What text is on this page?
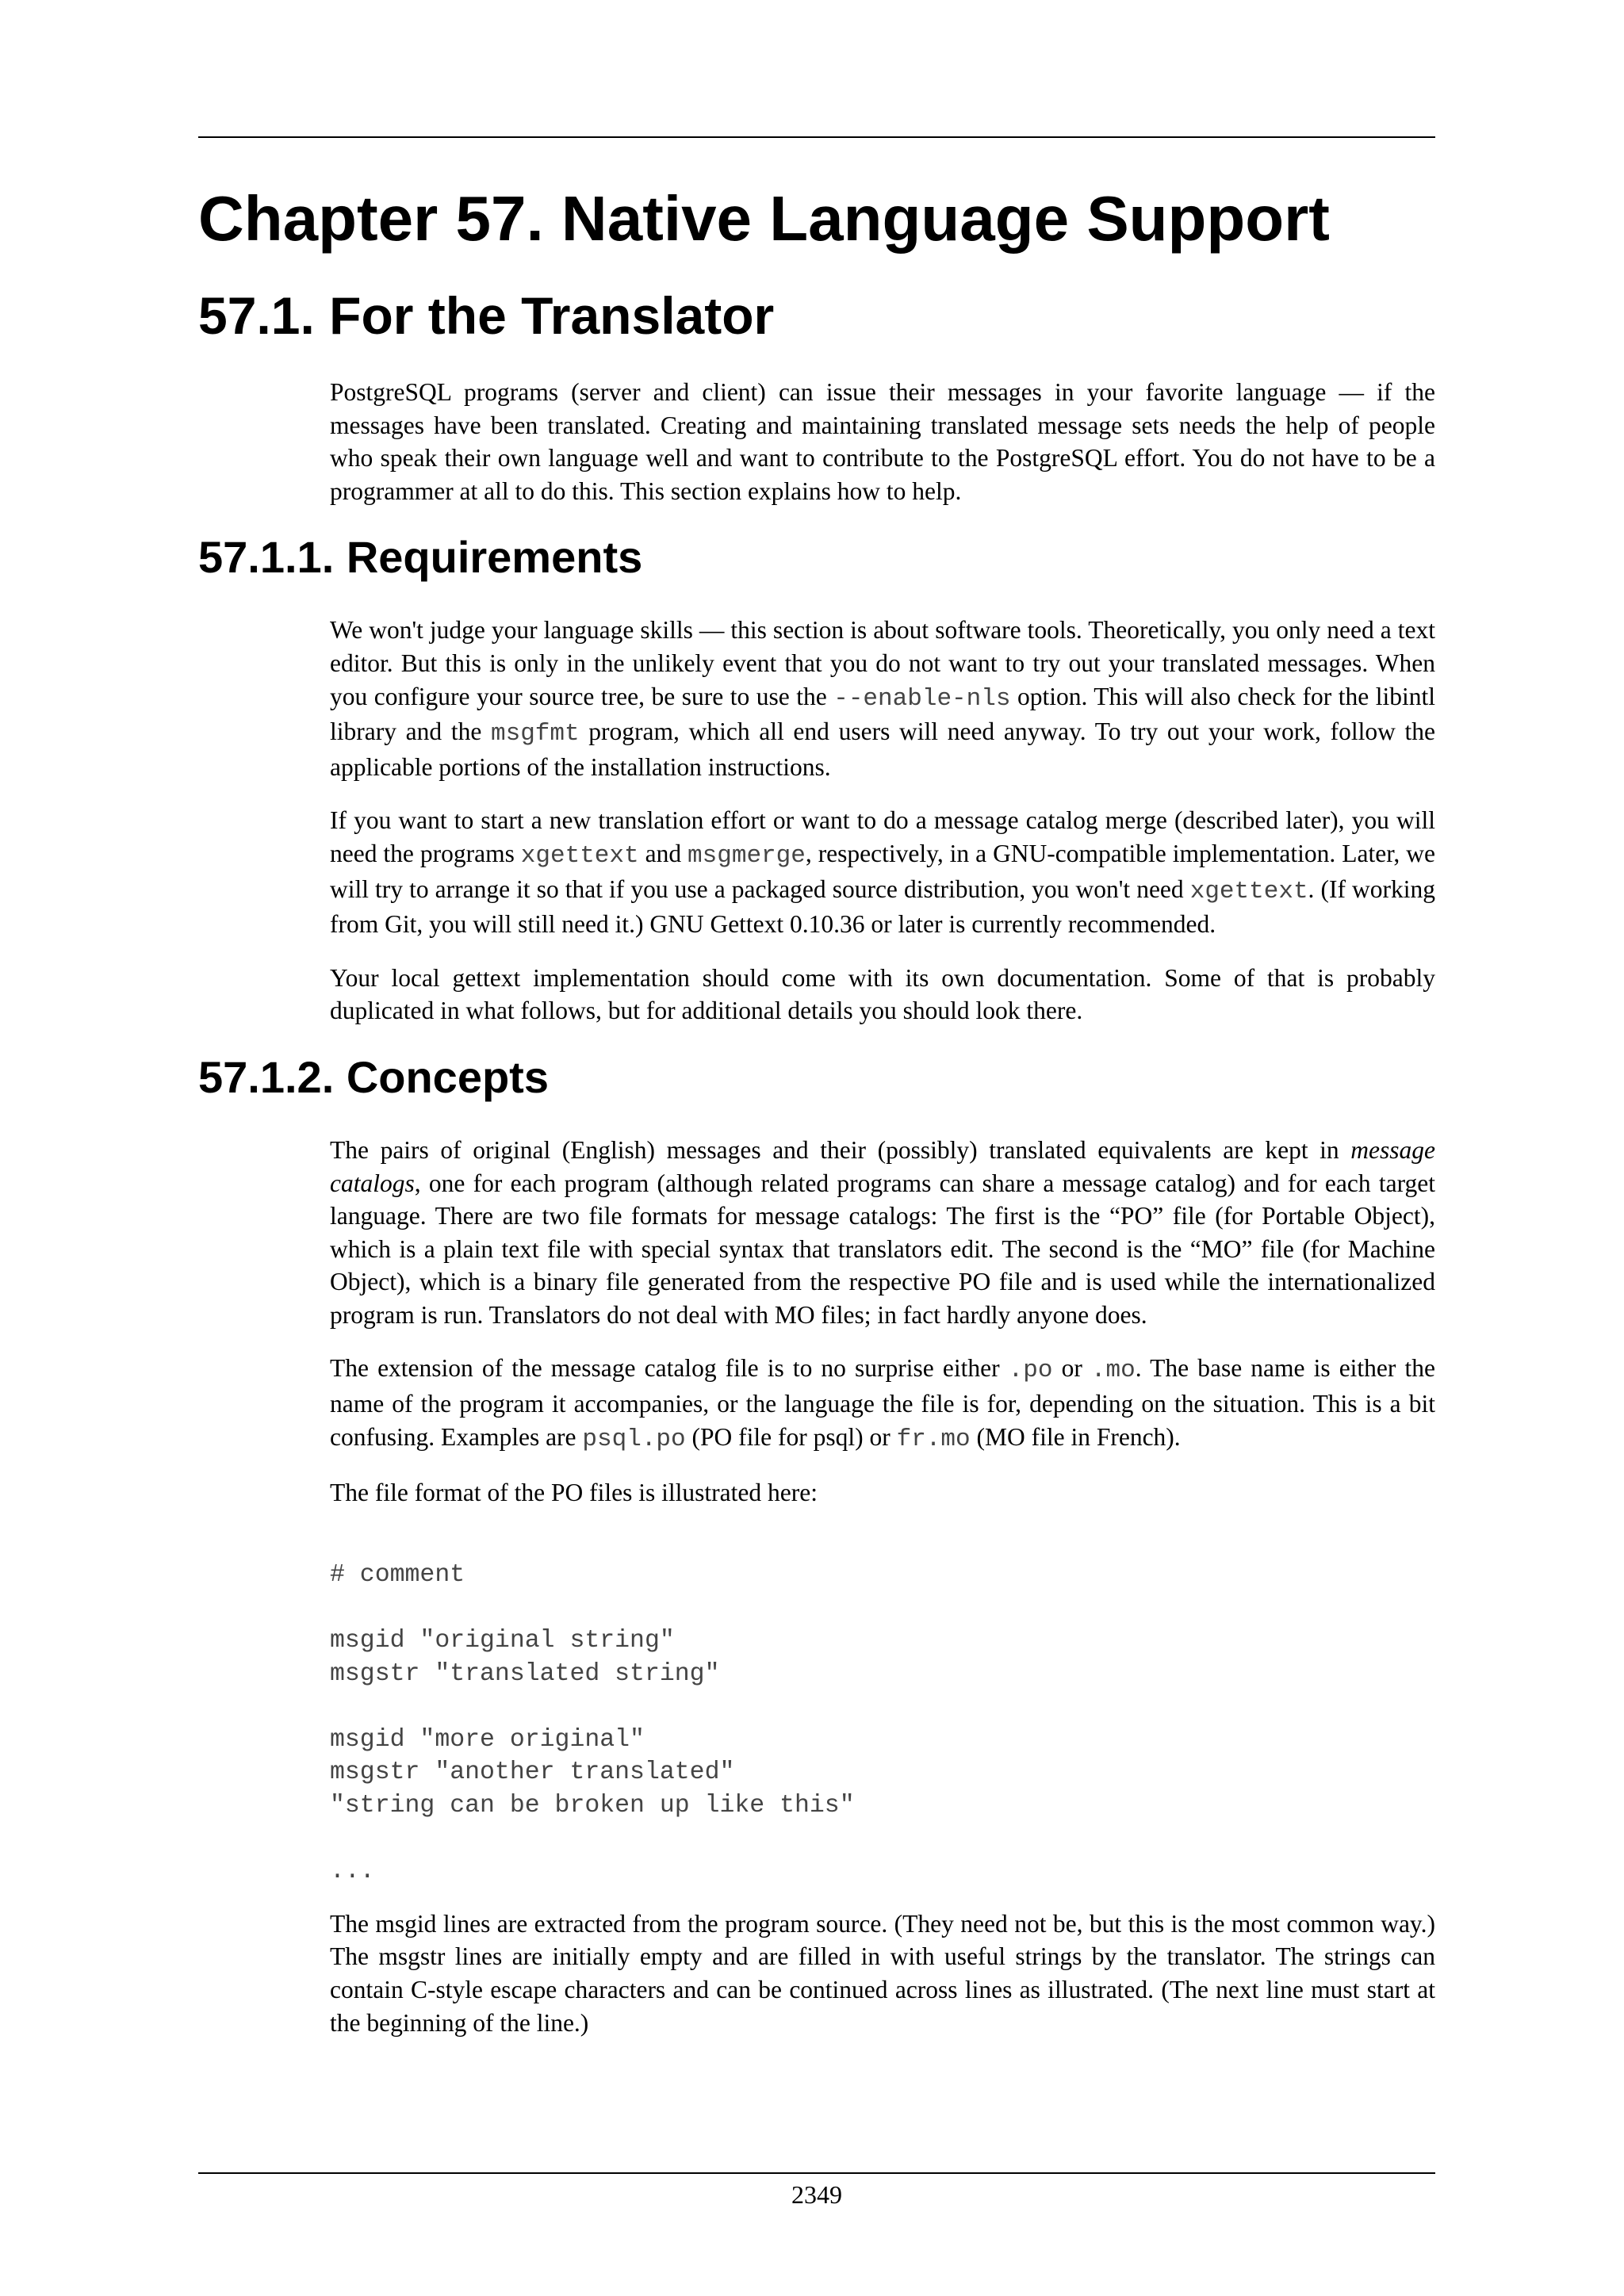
Chapter 57. Native Language Support
57.1. For the Translator

PostgreSQL programs (server and client) can issue their messages in your favorite language — if the messages have been translated. Creating and maintaining translated message sets needs the help of people who speak their own language well and want to contribute to the PostgreSQL effort. You do not have to be a programmer at all to do this. This section explains how to help.

57.1.1. Requirements

We won't judge your language skills — this section is about software tools. Theoretically, you only need a text editor. But this is only in the unlikely event that you do not want to try out your translated messages. When you configure your source tree, be sure to use the --enable-nls option. This will also check for the libintl library and the msgfmt program, which all end users will need anyway. To try out your work, follow the applicable portions of the installation instructions.

If you want to start a new translation effort or want to do a message catalog merge (described later), you will need the programs xgettext and msgmerge, respectively, in a GNU-compatible implementation. Later, we will try to arrange it so that if you use a packaged source distribution, you won't need xgettext. (If working from Git, you will still need it.) GNU Gettext 0.10.36 or later is currently recommended.

Your local gettext implementation should come with its own documentation. Some of that is probably duplicated in what follows, but for additional details you should look there.

57.1.2. Concepts

The pairs of original (English) messages and their (possibly) translated equivalents are kept in message catalogs, one for each program (although related programs can share a message catalog) and for each target language. There are two file formats for message catalogs: The first is the “PO” file (for Portable Object), which is a plain text file with special syntax that translators edit. The second is the “MO” file (for Machine Object), which is a binary file generated from the respective PO file and is used while the internationalized program is run. Translators do not deal with MO files; in fact hardly anyone does.

The extension of the message catalog file is to no surprise either .po or .mo. The base name is either the name of the program it accompanies, or the language the file is for, depending on the situation. This is a bit confusing. Examples are psql.po (PO file for psql) or fr.mo (MO file in French).

The file format of the PO files is illustrated here:

# comment

msgid "original string"
msgstr "translated string"

msgid "more original"
msgstr "another translated"
"string can be broken up like this"

...

The msgid lines are extracted from the program source. (They need not be, but this is the most common way.) The msgstr lines are initially empty and are filled in with useful strings by the translator. The strings can contain C-style escape characters and can be continued across lines as illustrated. (The next line must start at the beginning of the line.)

2349
